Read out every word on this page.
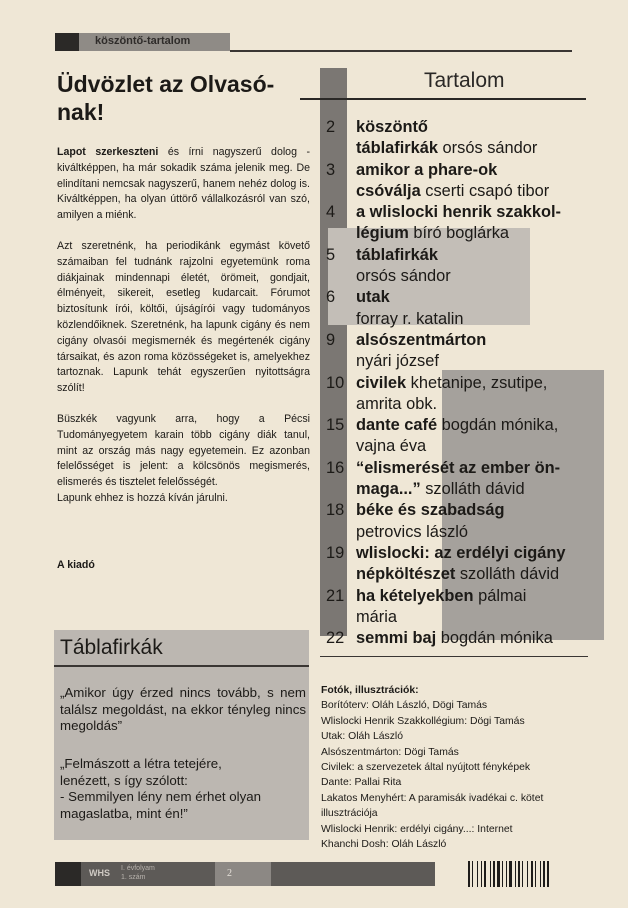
köszöntő-tartalom
Üdvözlet az Olvasó-
nak!

Lapot szerkeszteni és írni nagyszerű dolog - kiváltképpen, ha már sokadik száma jelenik meg. De elindítani nemcsak nagyszerű, hanem nehéz dolog is. Kiváltképpen, ha olyan úttörő vállalkozásról van szó, amilyen a miénk.

Azt szeretnénk, ha periodikánk egymást követő számaiban fel tudnánk rajzolni egyetemünk roma diákjainak mindennapi életét, örömeit, gondjait, élményeit, sikereit, esetleg kudarcait. Fórumot biztosítunk írói, költői, újságírói vagy tudományos közlendőiknek. Szeretnénk, ha lapunk cigány és nem cigány olvasói megismernék és megértenék cigány társaikat, és azon roma közösségeket is, amelyekhez tartoznak. Lapunk tehát egyszerűen nyitottságra szólít!

Büszkék vagyunk arra, hogy a Pécsi Tudományegyetem karain több cigány diák tanul, mint az ország más nagy egyetemein. Ez azonban felelősséget is jelent: a kölcsönös megismerés, elismerés és tisztelet felelősségét.

Lapunk ehhez is hozzá kíván járulni.

A kiadó
Táblafirkák
„Amikor úgy érzed nincs tovább, s nem találsz megoldást, na ekkor tényleg nincs megoldás”
„Felmászott a létra tetejére,
lenézett, s így szólott:
- Semmilyen lény nem érhet olyan magaslatba, mint én!”
Tartalom
2	köszöntő
táblafirkák orsós sándor
3	amikor a phare-ok
csóválja cserti csapó tibor
4	a wlislocki henrik szakkol-
légium bíró boglárka
5	táblafirkák
orsós sándor
6	utak
forray r. katalin
9	alsószentmárton
nyári józsef
10 civilek khetanipe, zsutipe,
amrita obk.
15 dante café bogdán mónika,
vajna éva
16 “elismerését az ember ön-
maga...” szolláth dávid
18 béke és szabadság
petrovics lászló
19 wlislocki: az erdélyi cigány
népköltészet szolláth dávid
21 ha kételyekben pálmai
mária
22 semmi baj bogdán mónika
Fotók, illusztrációk:
Borítóterv: Oláh László, Dögi Tamás
Wlislocki Henrik Szakkollégium: Dögi Tamás
Utak: Oláh László
Alsószentmárton: Dögi Tamás
Civilek: a szervezetek által nyújtott fényképek
Dante: Pallai Rita
Lakatos Menyhért: A paramisák ivadékai c. kötet illusztrációja
Wlislocki Henrik: erdélyi cigány...: Internet
Khanchi Dosh: Oláh László
WHS I. évfolyam
1. szám	2
